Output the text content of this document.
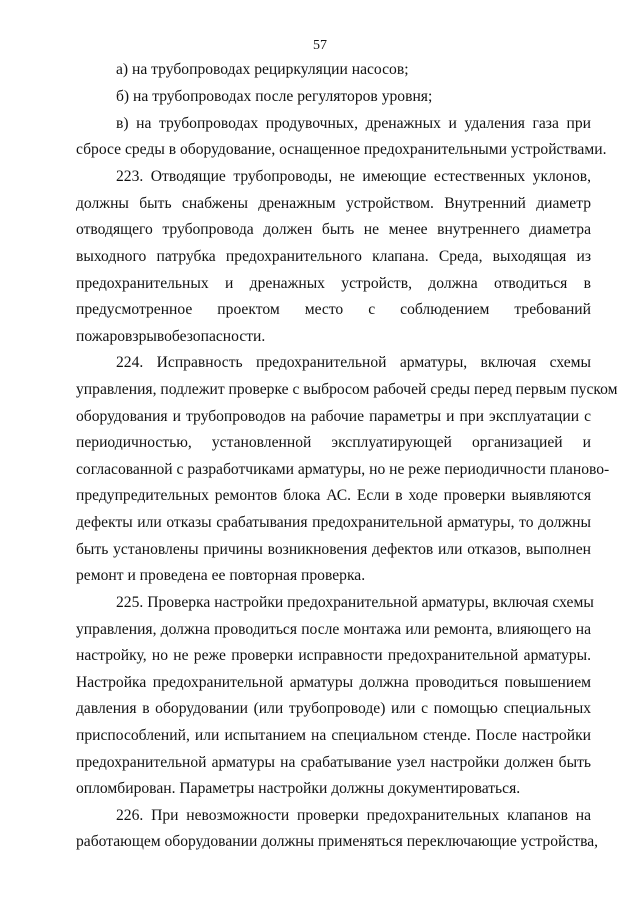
57
а) на трубопроводах рециркуляции насосов;
б) на трубопроводах после регуляторов уровня;
в) на трубопроводах продувочных, дренажных и удаления газа при
сбросе среды в оборудование, оснащенное предохранительными устройствами.
223. Отводящие трубопроводы, не имеющие естественных уклонов,
должны быть снабжены дренажным устройством. Внутренний диаметр
отводящего трубопровода должен быть не менее внутреннего диаметра
выходного патрубка предохранительного клапана. Среда, выходящая из
предохранительных и дренажных устройств, должна отводиться в
предусмотренное проектом место с соблюдением требований
пожаровзрывобезопасности.
224. Исправность предохранительной арматуры, включая схемы
управления, подлежит проверке с выбросом рабочей среды перед первым пуском
оборудования и трубопроводов на рабочие параметры и при эксплуатации с
периодичностью, установленной эксплуатирующей организацией и
согласованной с разработчиками арматуры, но не реже периодичности планово-
предупредительных ремонтов блока АС. Если в ходе проверки выявляются
дефекты или отказы срабатывания предохранительной арматуры, то должны
быть установлены причины возникновения дефектов или отказов, выполнен
ремонт и проведена ее повторная проверка.
225. Проверка настройки предохранительной арматуры, включая схемы
управления, должна проводиться после монтажа или ремонта, влияющего на
настройку, но не реже проверки исправности предохранительной арматуры.
Настройка предохранительной арматуры должна проводиться повышением
давления в оборудовании (или трубопроводе) или с помощью специальных
приспособлений, или испытанием на специальном стенде. После настройки
предохранительной арматуры на срабатывание узел настройки должен быть
опломбирован. Параметры настройки должны документироваться.
226. При невозможности проверки предохранительных клапанов на
работающем оборудовании должны применяться переключающие устройства,
